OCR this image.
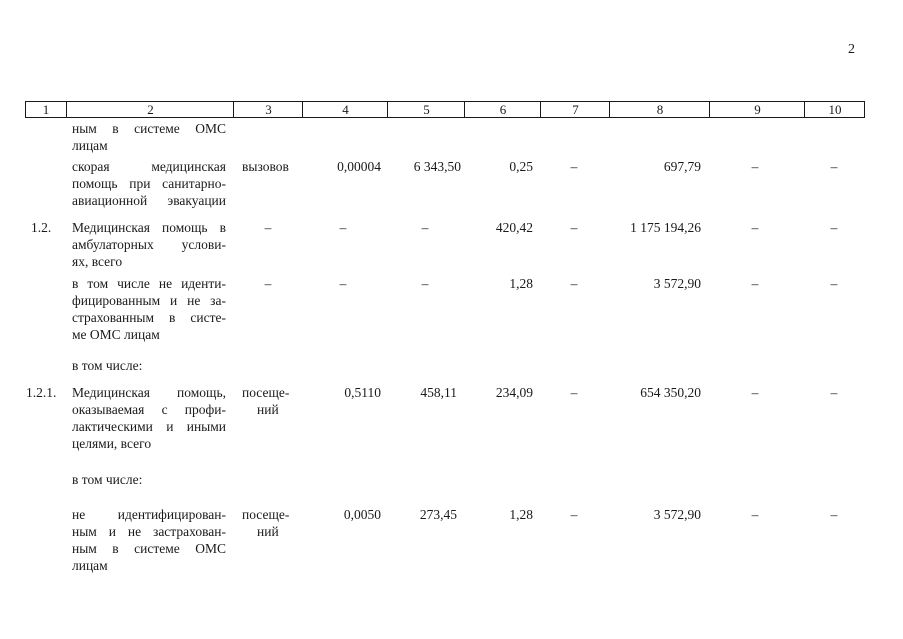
2
1	2	3	4	5	6	7	8	9	10
ным в системе ОМС
лицам
скорая медицинская
помощь при санитарно-
авиационной эвакуации
вызовов	0,00004	6 343,50	0,25	–	697,79	–	–
1.2. Медицинская помощь в
амбулаторных услови-
ях, всего
–	–	–	420,42	–	1 175 194,26	–	–
в том числе не иденти-
фицированным и не за-
страхованным в систе-
ме ОМС лицам
–	–	–	1,28	–	3 572,90	–	–
в том числе:
1.2.1. Медицинская помощь,
оказываемая с профи-
лактическими и иными
целями, всего
посеще-
ний
0,5110	458,11	234,09	–	654 350,20	–	–
в том числе:
не идентифицирован-
ным и не застрахован-
ным в системе ОМС
лицам
посеще-
ний
0,0050	273,45	1,28	–	3 572,90	–	–
